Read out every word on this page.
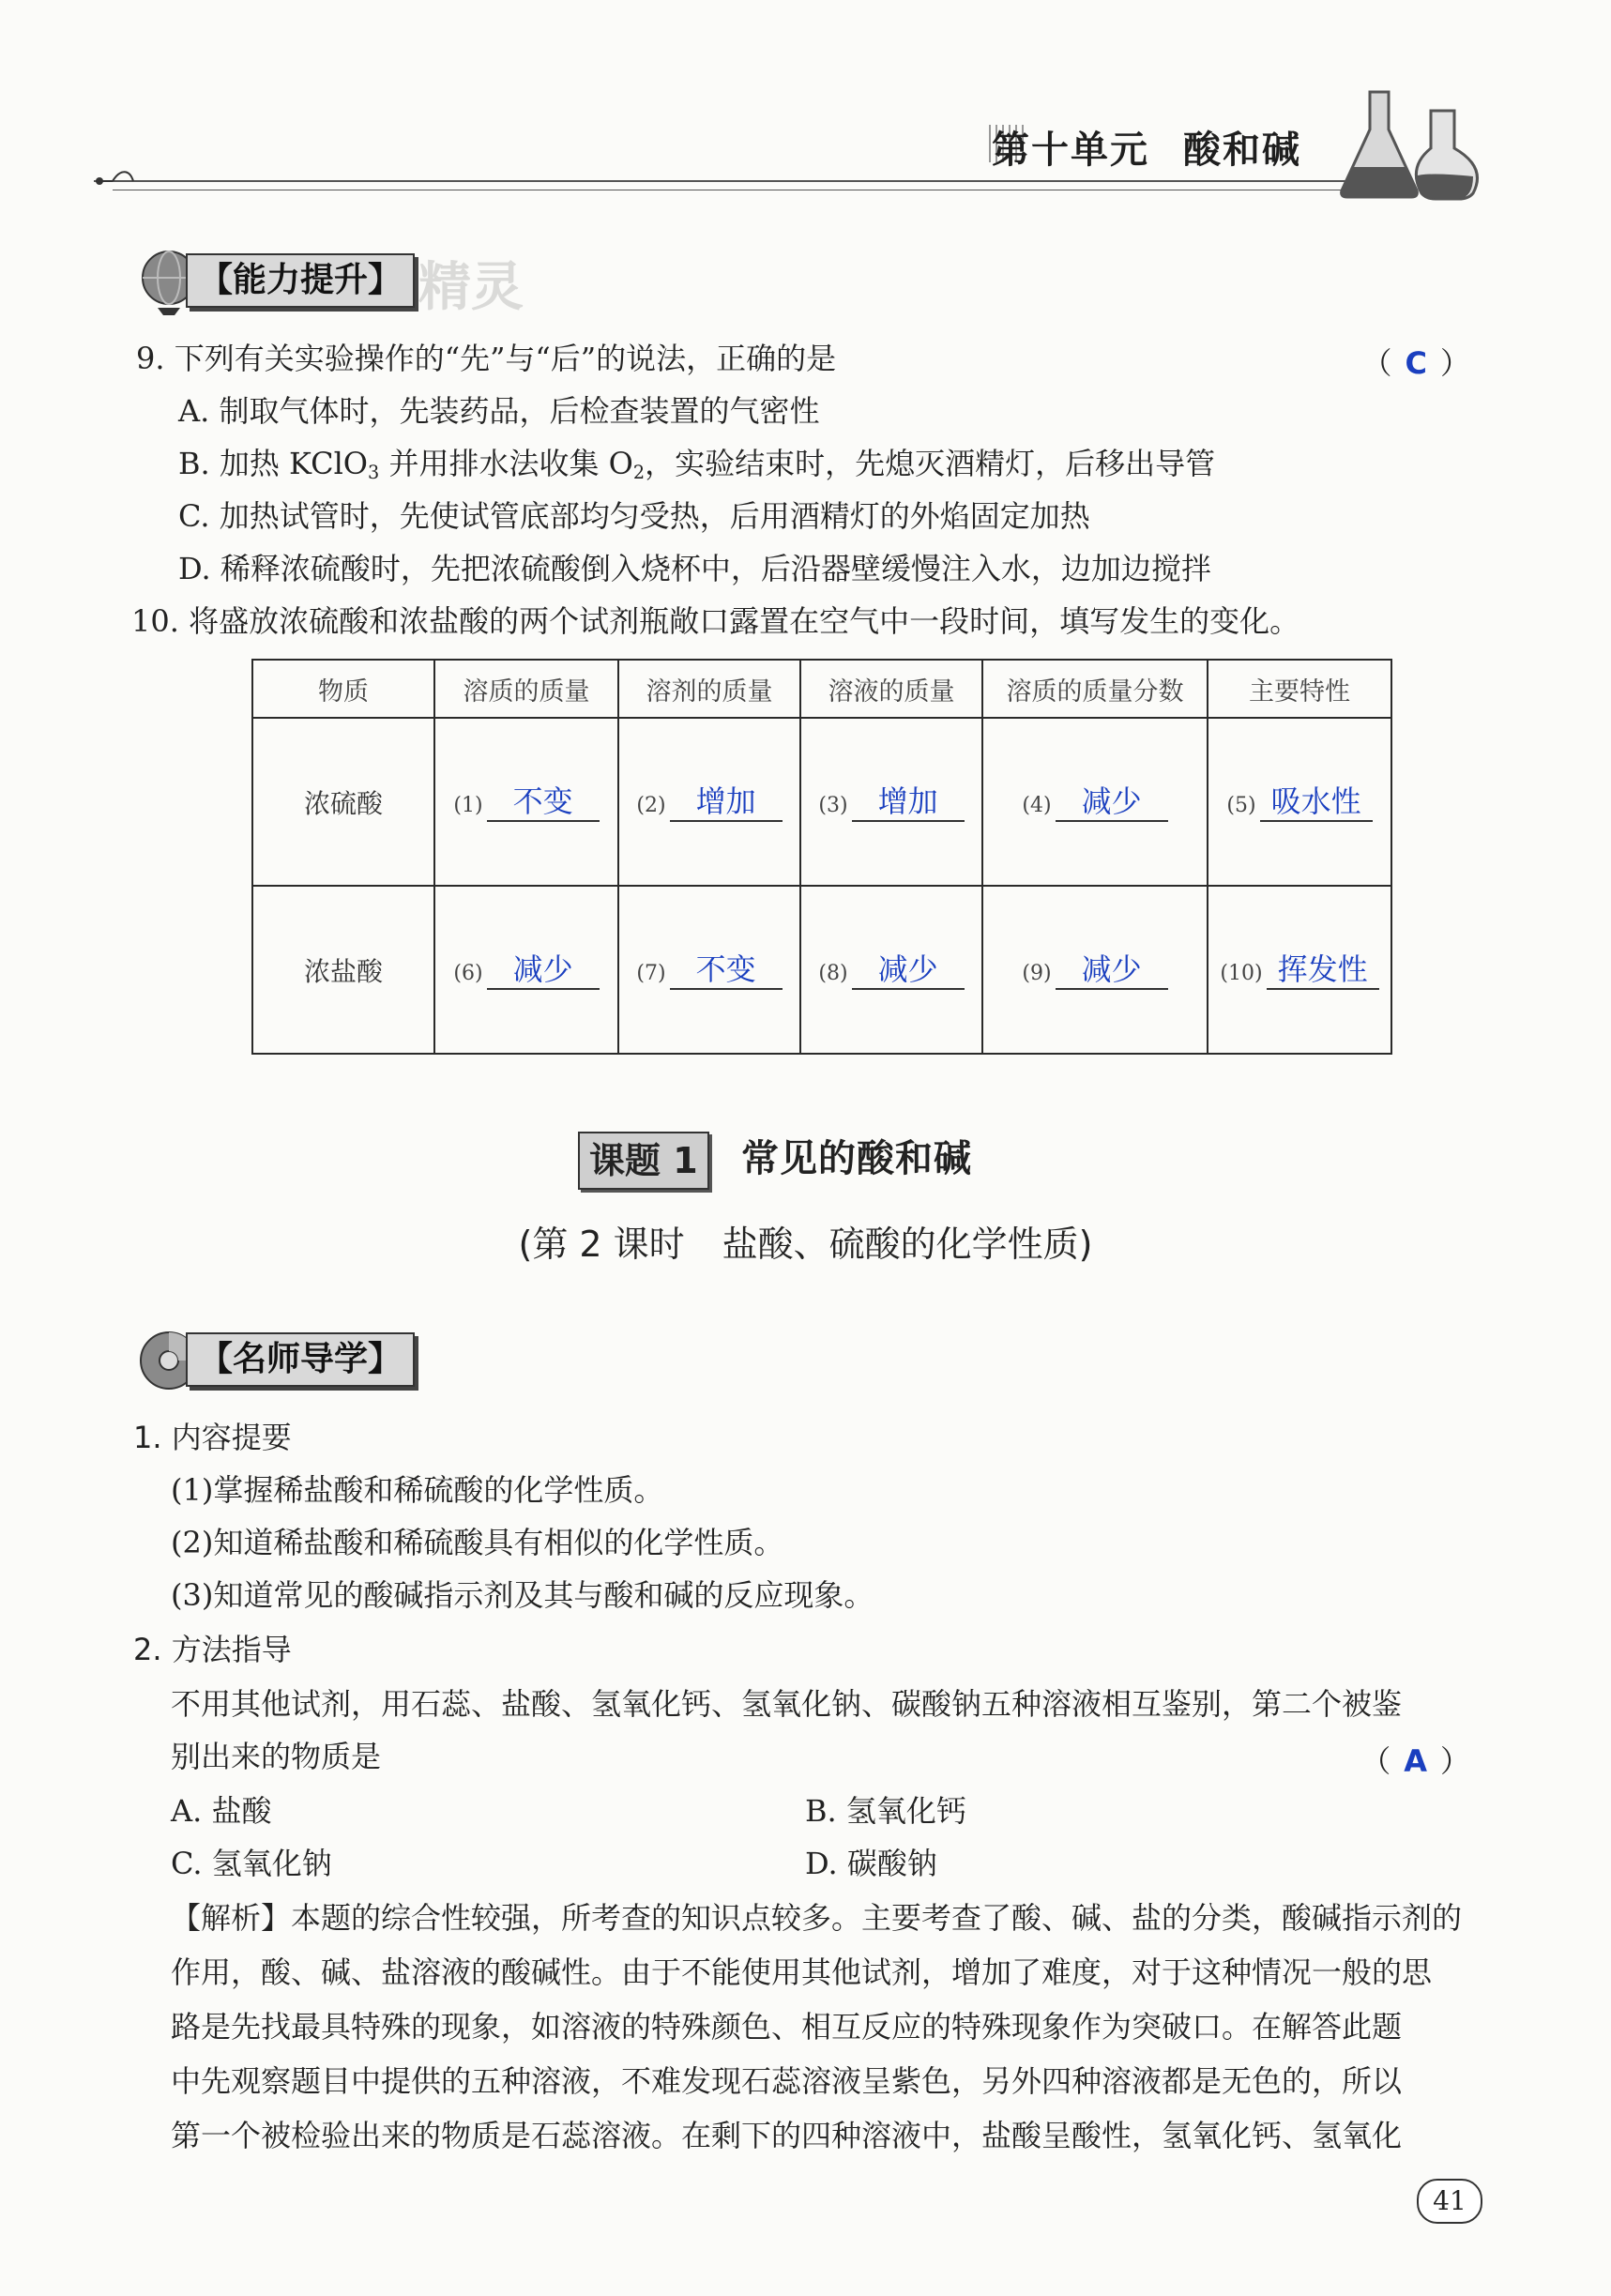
第十单元 酸和碱
【能力提升】 精灵
9. 下列有关实验操作的“先”与“后”的说法，正确的是	（ C ）
A. 制取气体时，先装药品，后检查装置的气密性
B. 加热 KClO$_3$ 并用排水法收集 $O_2$，实验结束时，先熄灭酒精灯，后移出导管
C. 加热试管时，先使试管底部均匀受热，后用酒精灯的外焰固定加热
D. 稀释浓硫酸时，先把浓硫酸倒入烧杯中，后沿器壁缓慢注入水，边加边搅拌
10. 将盛放浓硫酸和浓盐酸的两个试剂瓶敞口露置在空气中一段时间，填写发生的变化。
物质	溶质的质量	溶剂的质量	溶液的质量	溶质的质量分数	主要特性
浓硫酸	(1) 不变	(2) 增加	(3) 增加	(4) 减少	(5) 吸水性
浓盐酸	(6) 减少	(7) 不变	(8) 减少	(9) 减少	(10) 挥发性
课题 1	常见的酸和碱
(第 2 课时 盐酸、硫酸的化学性质)
【名师导学】
1. 内容提要
(1)掌握稀盐酸和稀硫酸的化学性质。
(2)知道稀盐酸和稀硫酸具有相似的化学性质。
(3)知道常见的酸碱指示剂及其与酸和碱的反应现象。
2. 方法指导
不用其他试剂，用石蕊、盐酸、氢氧化钙、氢氧化钠、碳酸钠五种溶液相互鉴别，第二个被鉴
别出来的物质是	（ A ）
A. 盐酸	B. 氢氧化钙
C. 氢氧化钠	D. 碳酸钠
【解析】本题的综合性较强，所考查的知识点较多。主要考查了酸、碱、盐的分类，酸碱指示剂的
作用，酸、碱、盐溶液的酸碱性。由于不能使用其他试剂，增加了难度，对于这种情况一般的思
路是先找最具特殊的现象，如溶液的特殊颜色、相互反应的特殊现象作为突破口。在解答此题
中先观察题目中提供的五种溶液，不难发现石蕊溶液呈紫色，另外四种溶液都是无色的，所以
第一个被检验出来的物质是石蕊溶液。在剩下的四种溶液中，盐酸呈酸性，氢氧化钙、氢氧化
41
